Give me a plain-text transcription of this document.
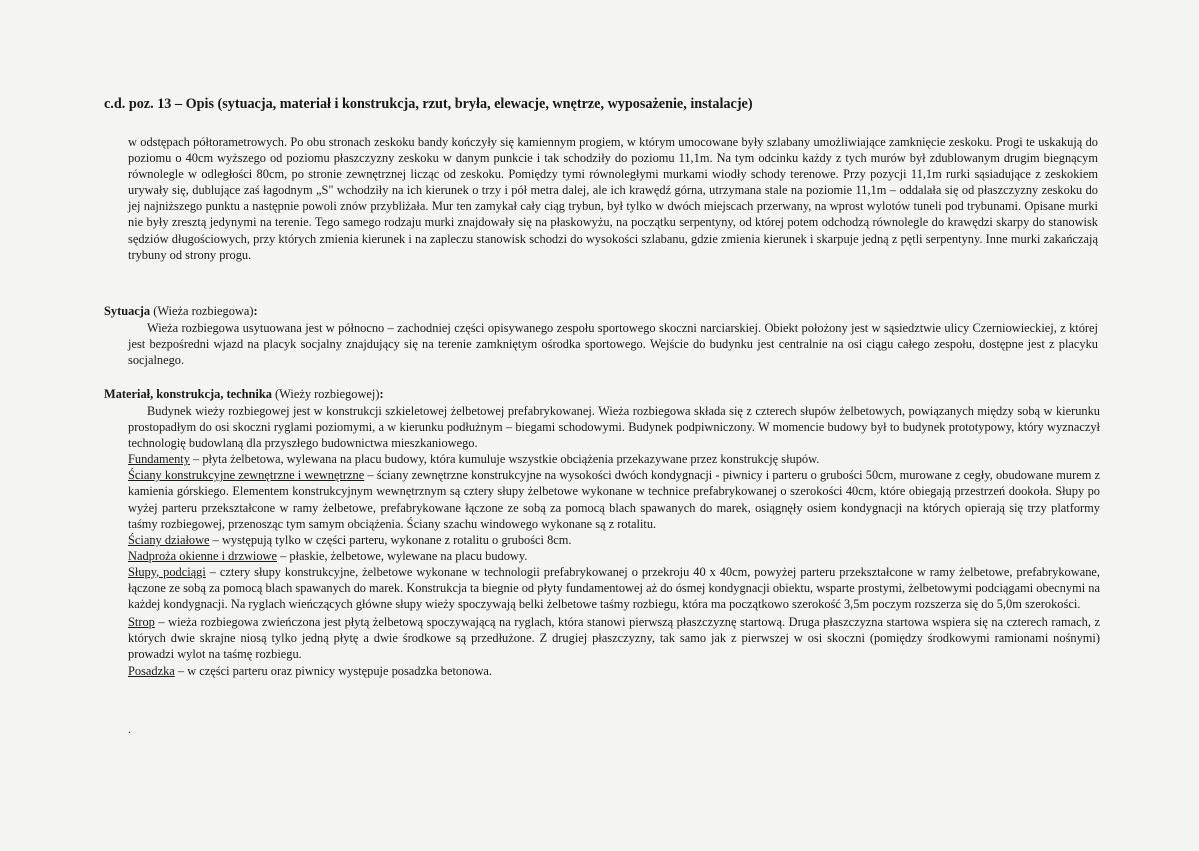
c.d. poz. 13 – Opis (sytuacja, materiał i konstrukcja, rzut, bryła, elewacje, wnętrze, wyposażenie, instalacje)
w odstępach półtorametrowych. Po obu stronach zeskoku bandy kończyły się kamiennym progiem, w którym umocowane były szlabany umożliwiające zamknięcie zeskoku. Progi te uskakują do poziomu o 40cm wyższego od poziomu płaszczyzny zeskoku w danym punkcie i tak schodziły do poziomu 11,1m. Na tym odcinku każdy z tych murów był zdublowanym drugim biegnącym równolegle w odległości 80cm, po stronie zewnętrznej licząc od zeskoku. Pomiędzy tymi równoległymi murkami wiodły schody terenowe. Przy pozycji 11,1m rurki sąsiadujące z zeskokiem urywały się, dublujące zaś łagodnym „S" wchodziły na ich kierunek o trzy i pół metra dalej, ale ich krawędź górna, utrzymana stale na poziomie 11,1m – oddalała się od płaszczyzny zeskoku do jej najniższego punktu a następnie powoli znów przybliżała. Mur ten zamykał cały ciąg trybun, był tylko w dwóch miejscach przerwany, na wprost wylotów tuneli pod trybunami. Opisane murki nie były zresztą jedynymi na terenie. Tego samego rodzaju murki znajdowały się na płaskowyżu, na początku serpentyny, od której potem odchodzą równolegle do krawędzi skarpy do stanowisk sędziów długościowych, przy których zmienia kierunek i na zapleczu stanowisk schodzi do wysokości szlabanu, gdzie zmienia kierunek i skarpuje jedną z pętli serpentyny. Inne murki zakańczają trybuny od strony progu.
Sytuacja (Wieża rozbiegowa):
Wieża rozbiegowa usytuowana jest w północno – zachodniej części opisywanego zespołu sportowego skoczni narciarskiej. Obiekt położony jest w sąsiedztwie ulicy Czerniowieckiej, z której jest bezpośredni wjazd na placyk socjalny znajdujący się na terenie zamkniętym ośrodka sportowego. Wejście do budynku jest centralnie na osi ciągu całego zespołu, dostępne jest z placyku socjalnego.
Materiał, konstrukcja, technika (Wieży rozbiegowej):

Budynek wieży rozbiegowej jest w konstrukcji szkieletowej żelbetowej prefabrykowanej. Wieża rozbiegowa składa się z czterech słupów żelbetowych, powiązanych między sobą w kierunku prostopadłym do osi skoczni ryglami poziomymi, a w kierunku podłużnym – biegami schodowymi. Budynek podpiwniczony. W momencie budowy był to budynek prototypowy, który wyznaczył technologię budowlaną dla przyszłego budownictwa mieszkaniowego.

Fundamenty – płyta żelbetowa, wylewana na placu budowy, która kumuluje wszystkie obciążenia przekazywane przez konstrukcję słupów.

Ściany konstrukcyjne zewnętrzne i wewnętrzne – ściany zewnętrzne konstrukcyjne na wysokości dwóch kondygnacji - piwnicy i parteru o grubości 50cm, murowane z cegły, obudowane murem z kamienia górskiego. Elementem konstrukcyjnym wewnętrznym są cztery słupy żelbetowe wykonane w technice prefabrykowanej o szerokości 40cm, które obiegają przestrzeń dookoła. Słupy po wyżej parteru przekształcone w ramy żelbetowe, prefabrykowane łączone ze sobą za pomocą blach spawanych do marek, osiągnęły osiem kondygnacji na których opierają się trzy platformy taśmy rozbiegowej, przenosząc tym samym obciążenia. Ściany szachu windowego wykonane są z rotalitu.

Ściany działowe – występują tylko w części parteru, wykonane z rotalitu o grubości 8cm.

Nadproża okienne i drzwiowe – płaskie, żelbetowe, wylewane na placu budowy.

Słupy, podciągi – cztery słupy konstrukcyjne, żelbetowe wykonane w technologii prefabrykowanej o przekroju 40 x 40cm, powyżej parteru przekształcone w ramy żelbetowe, prefabrykowane, łączone ze sobą za pomocą blach spawanych do marek. Konstrukcja ta biegnie od płyty fundamentowej aż do ósmej kondygnacji obiektu, wsparte prostymi, żelbetowymi podciągami obecnymi na każdej kondygnacji. Na ryglach wieńczących główne słupy wieży spoczywają belki żelbetowe taśmy rozbiegu, która ma początkowo szerokość 3,5m poczym rozszerza się do 5,0m szerokości.

Strop – wieża rozbiegowa zwieńczona jest płytą żelbetową spoczywającą na ryglach, która stanowi pierwszą płaszczyznę startową. Druga płaszczyzna startowa wspiera się na czterech ramach, z których dwie skrajne niosą tylko jedną płytę a dwie środkowe są przedłużone. Z drugiej płaszczyzny, tak samo jak z pierwszej w osi skoczni (pomiędzy środkowymi ramionami nośnymi) prowadzi wylot na taśmę rozbiegu.

Posadzka – w części parteru oraz piwnicy występuje posadzka betonowa.

.
